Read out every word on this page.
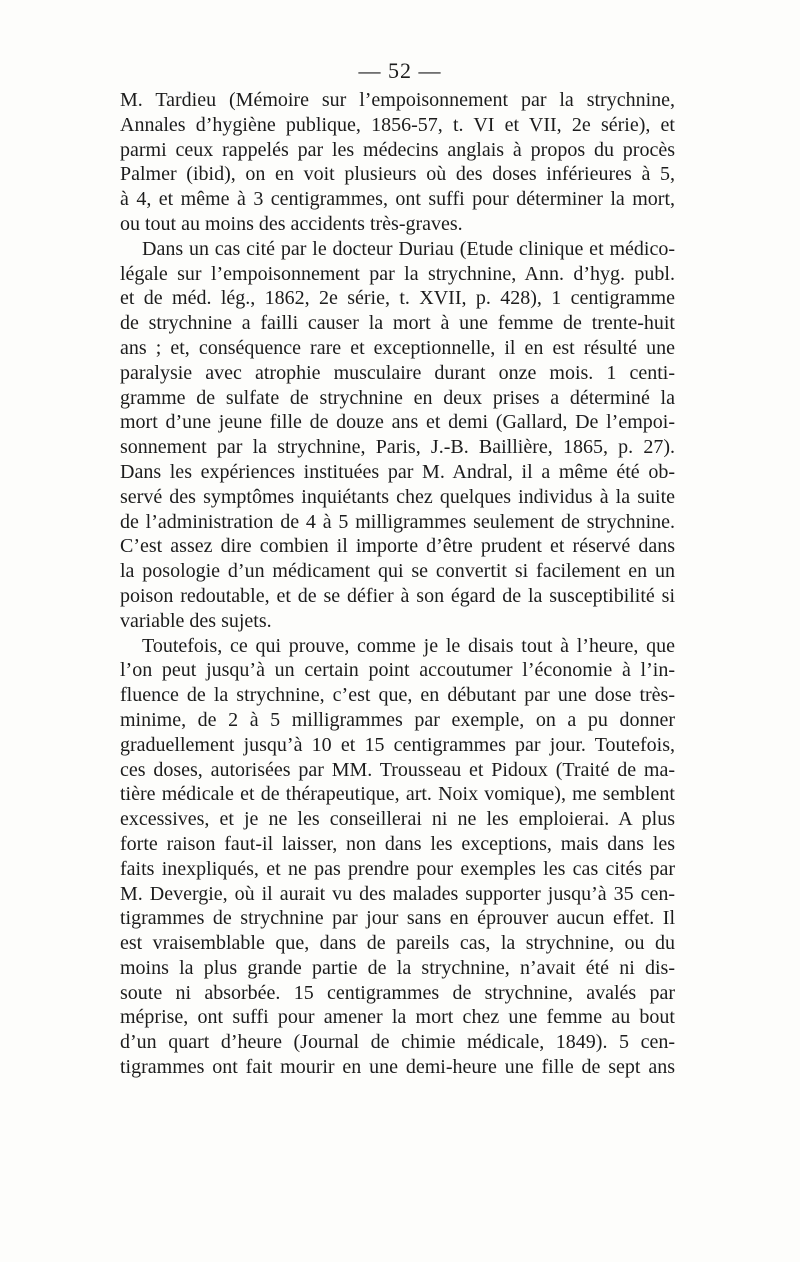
— 52 —
M. Tardieu (Mémoire sur l’empoisonnement par la strychnine,
Annales d’hygiène publique, 1856-57, t. VI et VII, 2e série), et
parmi ceux rappelés par les médecins anglais à propos du procès
Palmer (ibid), on en voit plusieurs où des doses inférieures à 5,
à 4, et même à 3 centigrammes, ont suffi pour déterminer la mort,
ou tout au moins des accidents très-graves.
Dans un cas cité par le docteur Duriau (Etude clinique et médico-
légale sur l’empoisonnement par la strychnine, Ann. d’hyg. publ.
et de méd. lég., 1862, 2e série, t. XVII, p. 428), 1 centigramme
de strychnine a failli causer la mort à une femme de trente-huit
ans ; et, conséquence rare et exceptionnelle, il en est résulté une
paralysie avec atrophie musculaire durant onze mois. 1 centi-
gramme de sulfate de strychnine en deux prises a déterminé la
mort d’une jeune fille de douze ans et demi (Gallard, De l’empoi-
sonnement par la strychnine, Paris, J.-B. Baillière, 1865, p. 27).
Dans les expériences instituées par M. Andral, il a même été ob-
servé des symptômes inquiétants chez quelques individus à la suite
de l’administration de 4 à 5 milligrammes seulement de strychnine.
C’est assez dire combien il importe d’être prudent et réservé dans
la posologie d’un médicament qui se convertit si facilement en un
poison redoutable, et de se défier à son égard de la susceptibilité si
variable des sujets.
Toutefois, ce qui prouve, comme je le disais tout à l’heure, que
l’on peut jusqu’à un certain point accoutumer l’économie à l’in-
fluence de la strychnine, c’est que, en débutant par une dose très-
minime, de 2 à 5 milligrammes par exemple, on a pu donner
graduellement jusqu’à 10 et 15 centigrammes par jour. Toutefois,
ces doses, autorisées par MM. Trousseau et Pidoux (Traité de ma-
tière médicale et de thérapeutique, art. Noix vomique), me semblent
excessives, et je ne les conseillerai ni ne les emploierai. A plus
forte raison faut-il laisser, non dans les exceptions, mais dans les
faits inexpliqués, et ne pas prendre pour exemples les cas cités par
M. Devergie, où il aurait vu des malades supporter jusqu’à 35 cen-
tigrammes de strychnine par jour sans en éprouver aucun effet. Il
est vraisemblable que, dans de pareils cas, la strychnine, ou du
moins la plus grande partie de la strychnine, n’avait été ni dis-
soute ni absorbée. 15 centigrammes de strychnine, avalés par
méprise, ont suffi pour amener la mort chez une femme au bout
d’un quart d’heure (Journal de chimie médicale, 1849). 5 cen-
tigrammes ont fait mourir en une demi-heure une fille de sept ans
